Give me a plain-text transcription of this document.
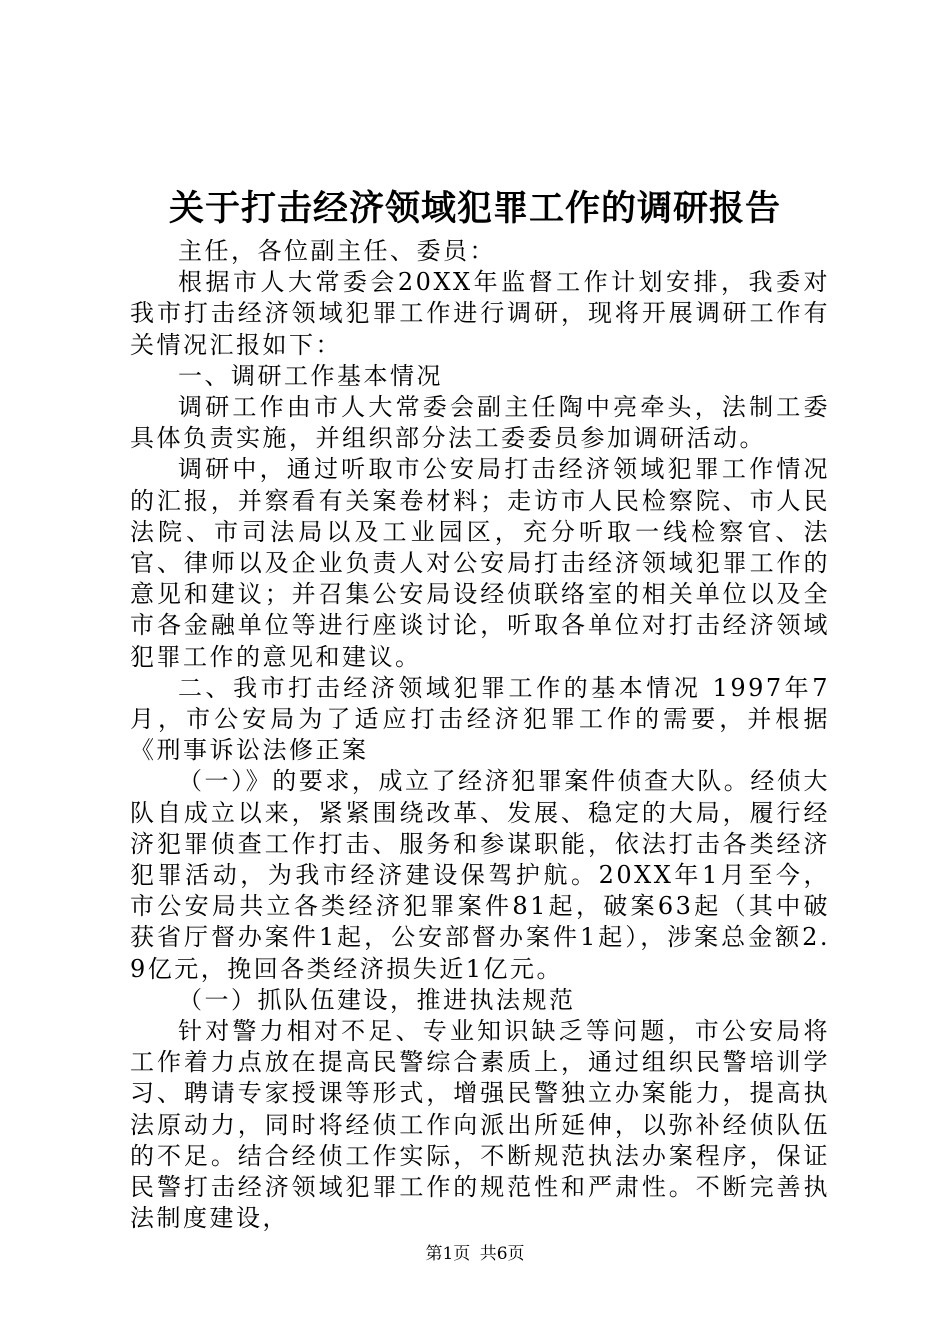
关于打击经济领域犯罪工作的调研报告

主任，各位副主任、委员：

根据市人大常委会20XX年监督工作计划安排，我委对我市打击经济领域犯罪工作进行调研，现将开展调研工作有关情况汇报如下：

一、调研工作基本情况

调研工作由市人大常委会副主任陶中亮牵头，法制工委具体负责实施，并组织部分法工委委员参加调研活动。

调研中，通过听取市公安局打击经济领域犯罪工作情况的汇报，并察看有关案卷材料；走访市人民检察院、市人民法院、市司法局以及工业园区，充分听取一线检察官、法官、律师以及企业负责人对公安局打击经济领域犯罪工作的意见和建议；并召集公安局设经侦联络室的相关单位以及全市各金融单位等进行座谈讨论，听取各单位对打击经济领域犯罪工作的意见和建议。

二、我市打击经济领域犯罪工作的基本情况 1997年7月，市公安局为了适应打击经济犯罪工作的需要，并根据《刑事诉讼法修正案

（一）》的要求，成立了经济犯罪案件侦查大队。经侦大队自成立以来，紧紧围绕改革、发展、稳定的大局，履行经济犯罪侦查工作打击、服务和参谋职能，依法打击各类经济犯罪活动，为我市经济建设保驾护航。20XX年1月至今，市公安局共立各类经济犯罪案件81起，破案63起（其中破获省厅督办案件1起，公安部督办案件1起），涉案总金额2.9亿元，挽回各类经济损失近1亿元。

（一）抓队伍建设，推进执法规范

针对警力相对不足、专业知识缺乏等问题，市公安局将工作着力点放在提高民警综合素质上，通过组织民警培训学习、聘请专家授课等形式，增强民警独立办案能力，提高执法原动力，同时将经侦工作向派出所延伸，以弥补经侦队伍的不足。结合经侦工作实际，不断规范执法办案程序，保证民警打击经济领域犯罪工作的规范性和严肃性。不断完善执法制度建设，

第1页 共6页
